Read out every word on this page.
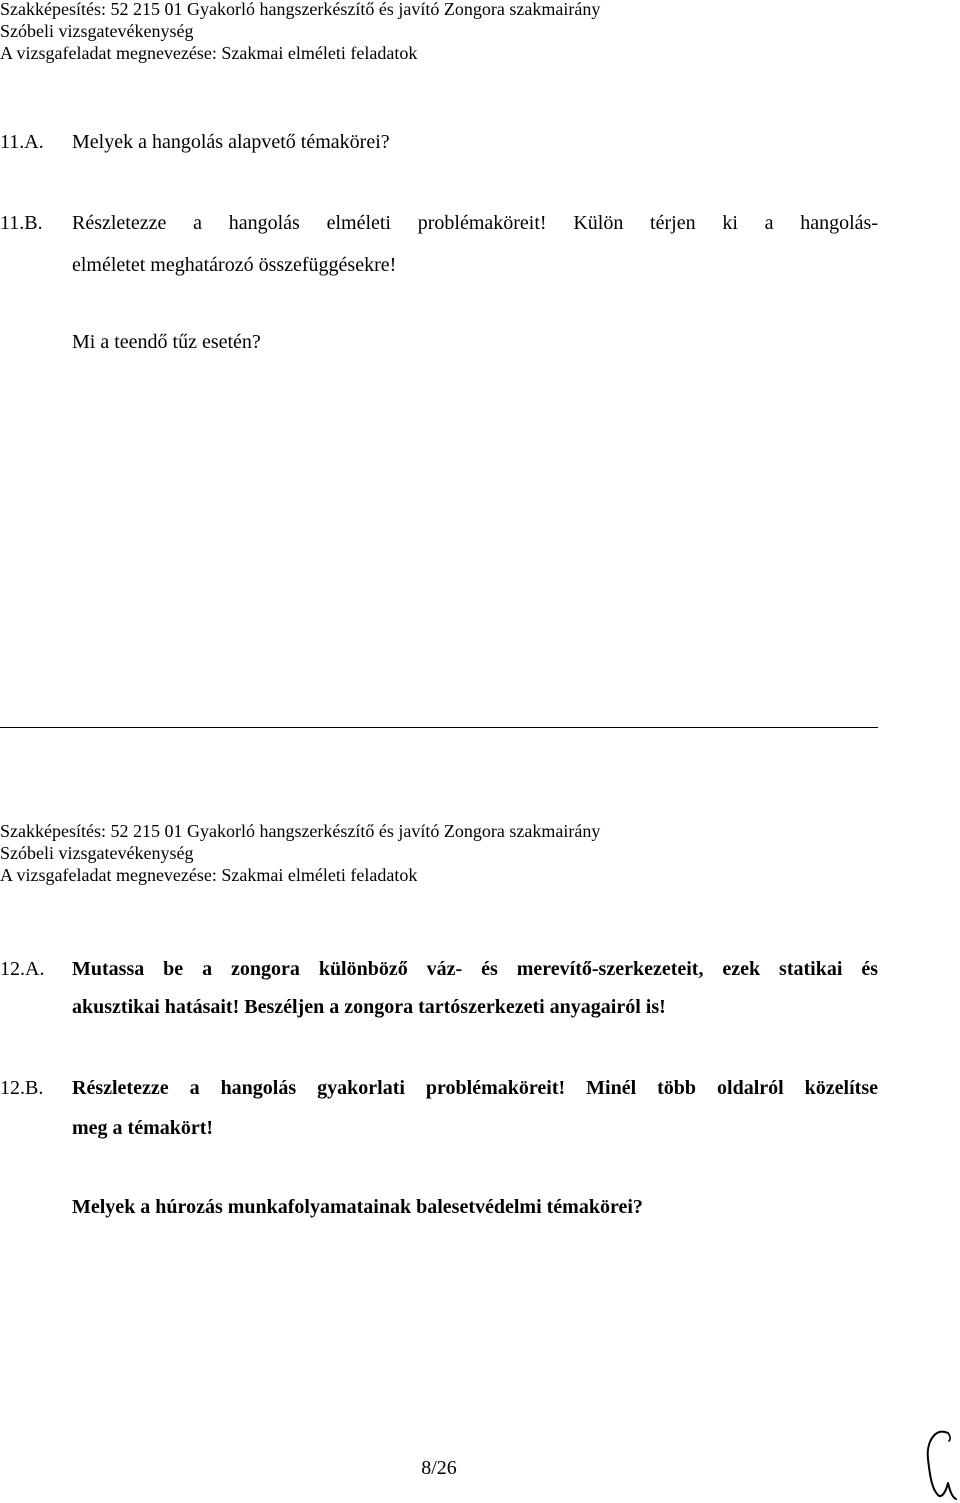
Szakképesítés: 52 215 01 Gyakorló hangszerkészítő és javító Zongora szakmairány
Szóbeli vizsgatevékenység
A vizsgafeladat megnevezése: Szakmai elméleti feladatok
11.A. Melyek a hangolás alapvető témakörei?
11.B. Részletezze a hangolás elméleti problémaköreit! Külön térjen ki a hangolás-
elméletet meghatározó összefüggésekre!
Mi a teendő tűz esetén?
Szakképesítés: 52 215 01 Gyakorló hangszerkészítő és javító Zongora szakmairány
Szóbeli vizsgatevékenység
A vizsgafeladat megnevezése: Szakmai elméleti feladatok
12.A. Mutassa be a zongora különböző váz- és merevítő-szerkezeteit, ezek statikai és
akusztikai hatásait! Beszéljen a zongora tartószerkezeti anyagairól is!
12.B. Részletezze a hangolás gyakorlati problémaköreit! Minél több oldalról közelítse
meg a témakört!
Melyek a húrozás munkafolyamatainak balesetvédelmi témakörei?
8/26
